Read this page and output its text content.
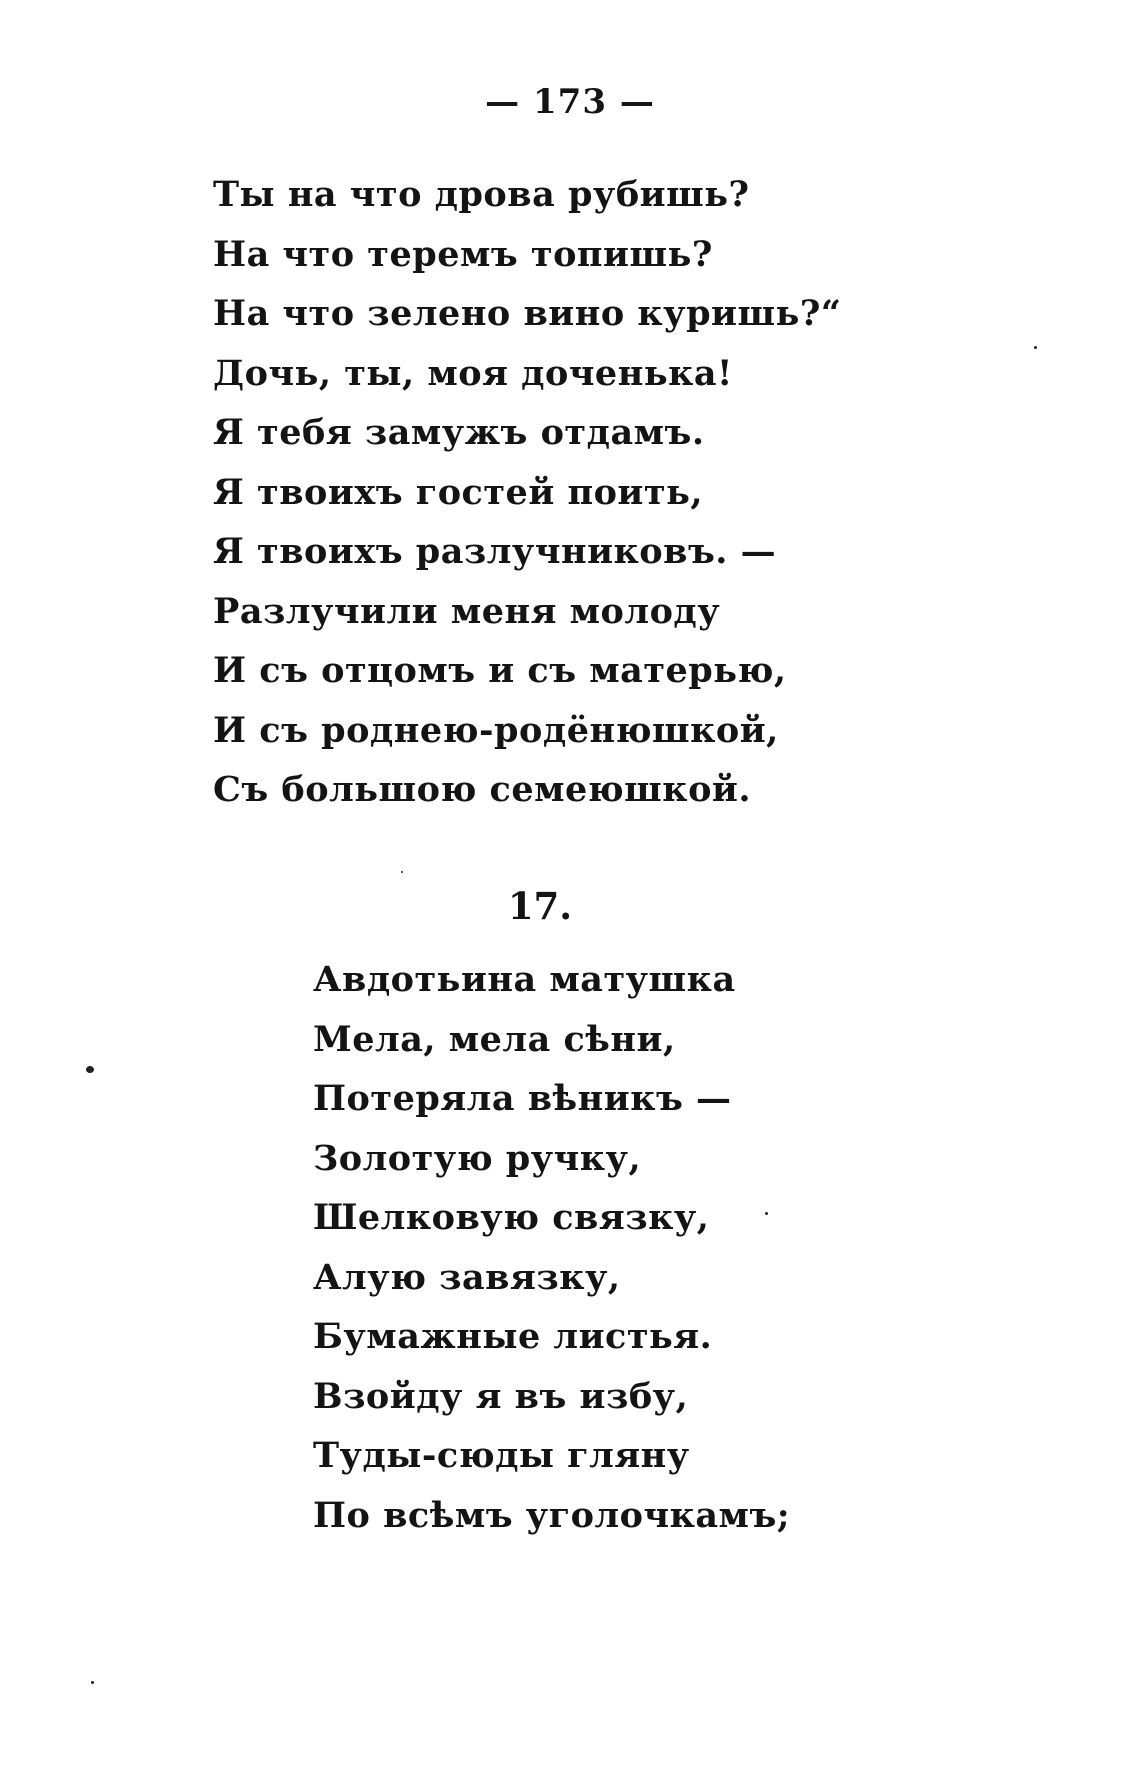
— 173 —
Ты на что дрова рубишь?
На что теремъ топишь?
На что зелено вино куришь?“
Дочь, ты, моя доченька!
Я тебя замужъ отдамъ.
Я твоихъ гостей поить,
Я твоихъ разлучниковъ. —
Разлучили меня молоду
И съ отцомъ и съ матерью,
И съ роднею-родёнюшкой,
Съ большою семеюшкой.
17.
Авдотьина матушка
Мела, мела сѣни,
Потеряла вѣникъ —
Золотую ручку,
Шелковую связку,
Алую завязку,
Бумажные листья.
Взойду я въ избу,
Туды-сюды гляну
По всѣмъ уголочкамъ;
